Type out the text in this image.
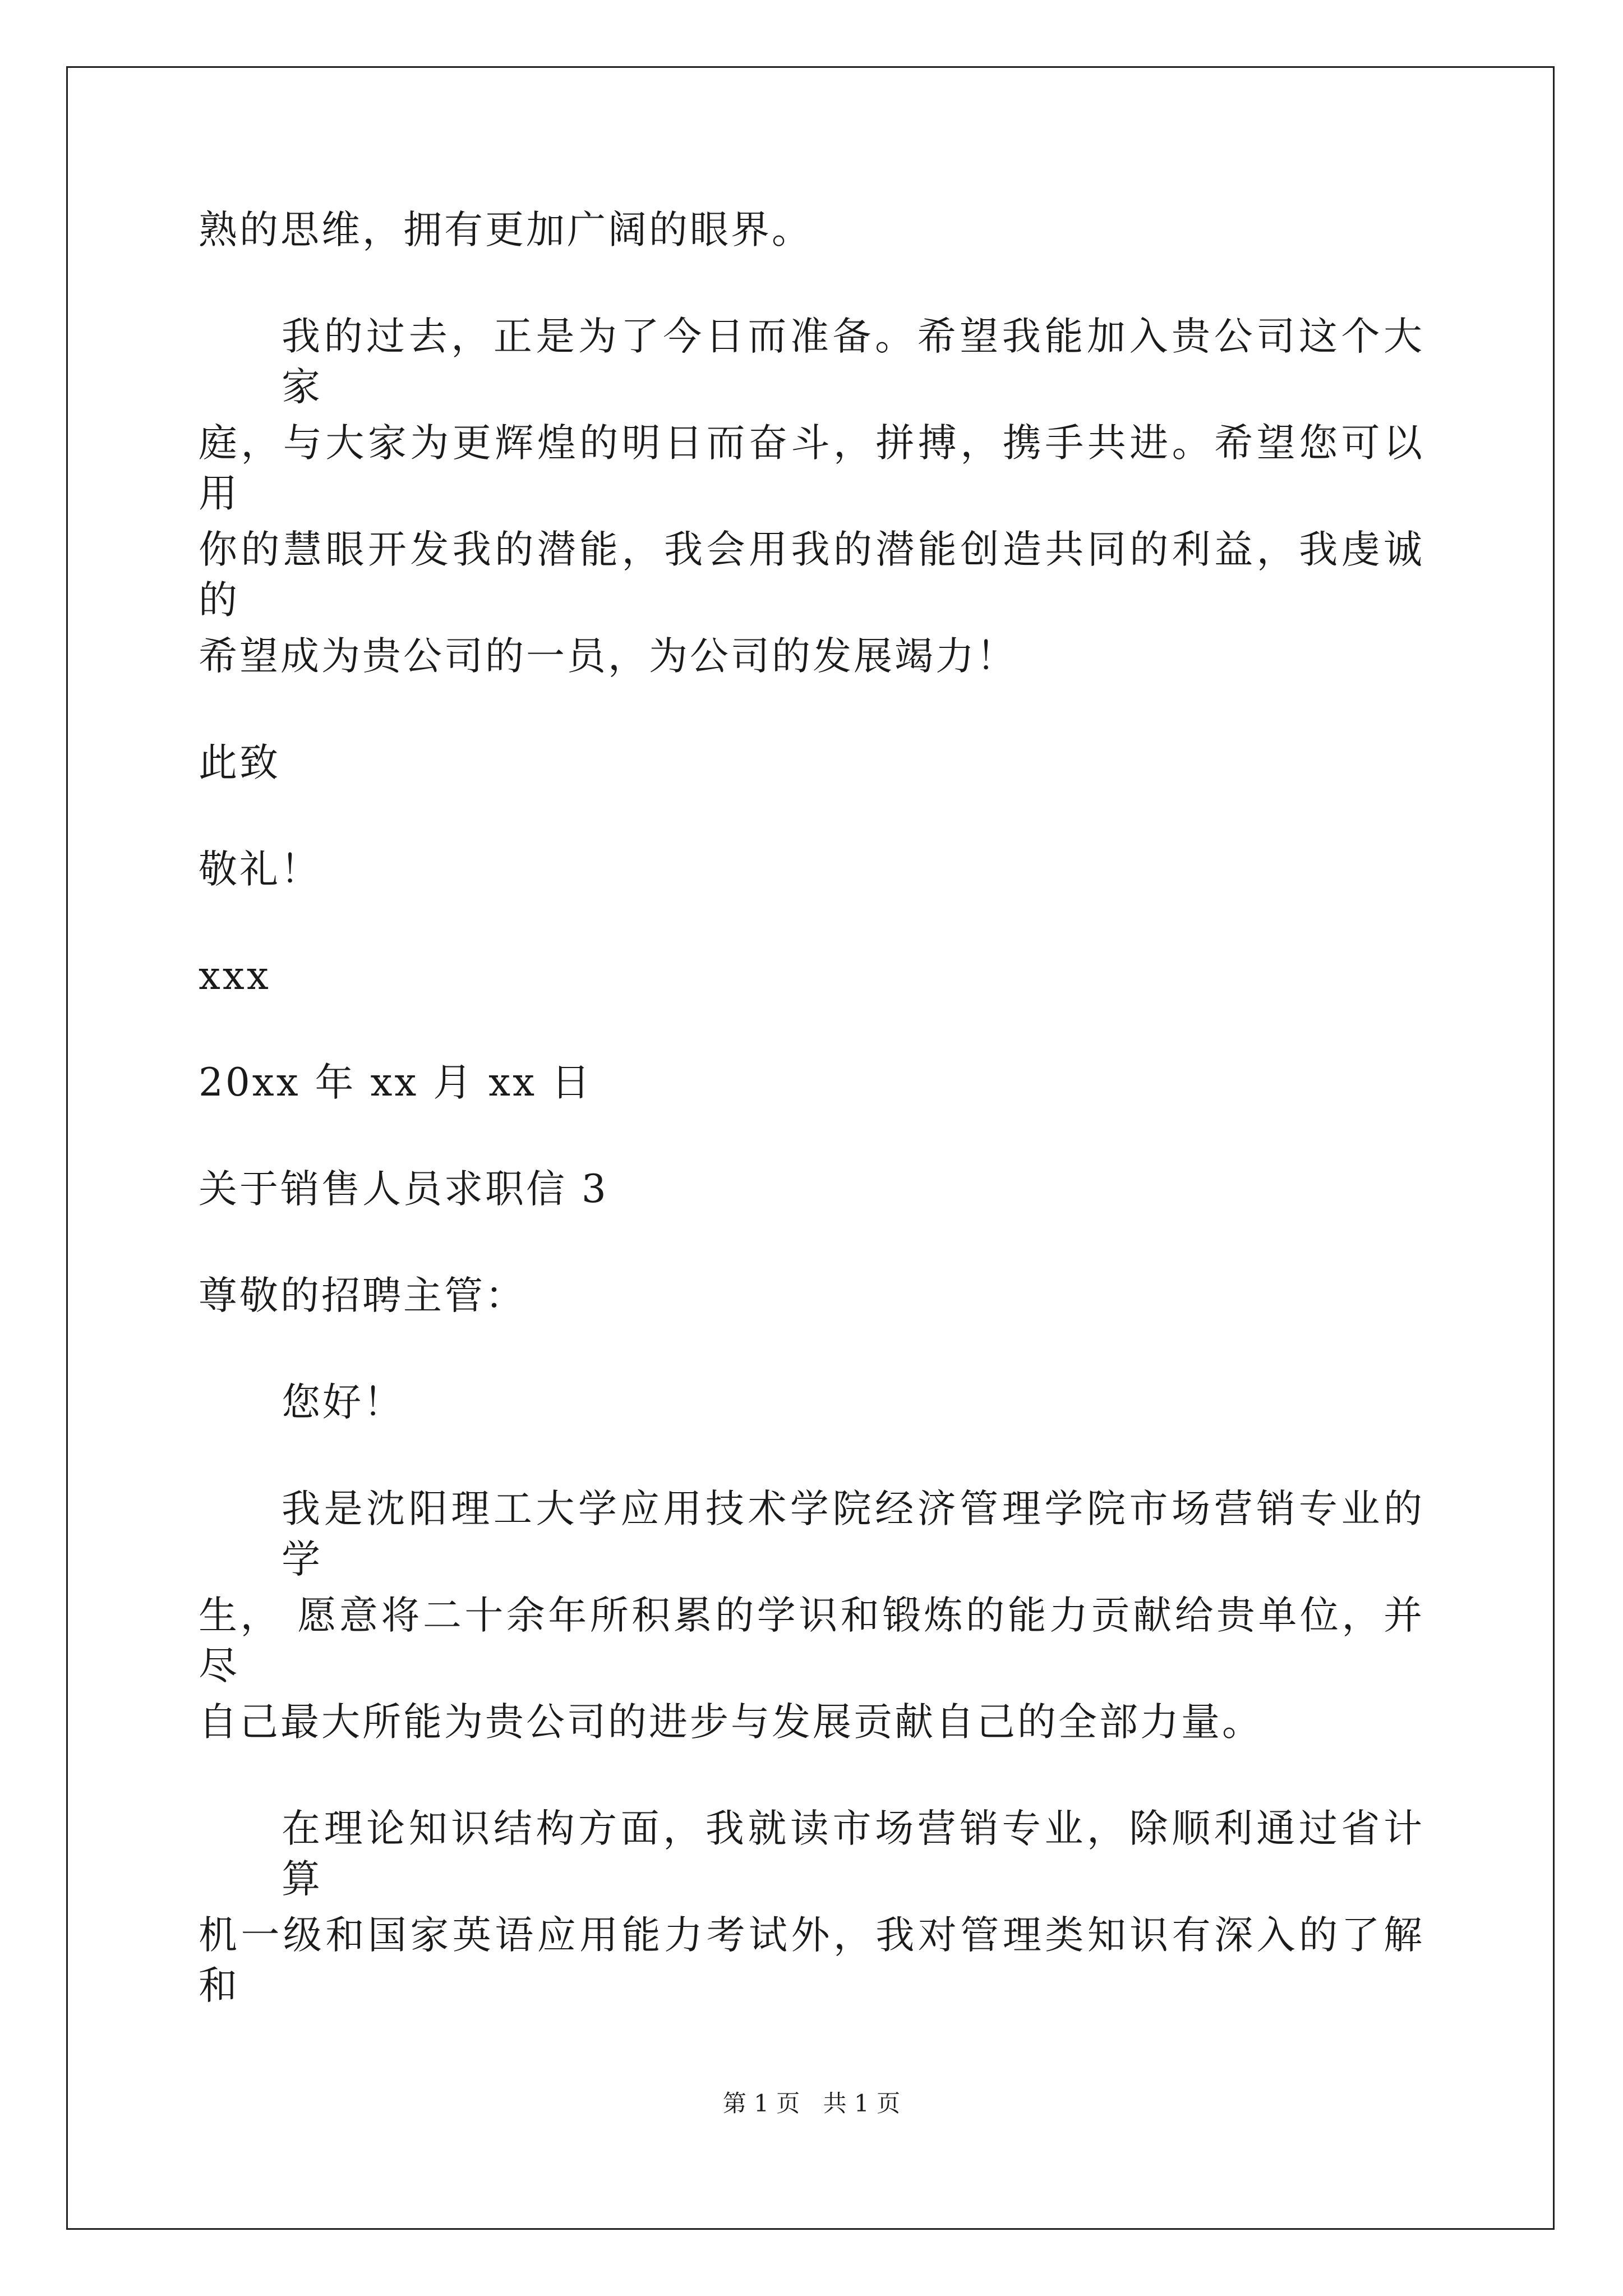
熟的思维，拥有更加广阔的眼界。
我的过去，正是为了今日而准备。希望我能加入贵公司这个大家
庭，与大家为更辉煌的明日而奋斗，拼搏，携手共进。希望您可以用
你的慧眼开发我的潜能，我会用我的潜能创造共同的利益，我虔诚的
希望成为贵公司的一员，为公司的发展竭力！
此致
敬礼！
xxx
20xx 年 xx 月 xx 日
关于销售人员求职信 3
尊敬的招聘主管：
您好！
我是沈阳理工大学应用技术学院经济管理学院市场营销专业的学
生， 愿意将二十余年所积累的学识和锻炼的能力贡献给贵单位，并尽
自己最大所能为贵公司的进步与发展贡献自己的全部力量。
在理论知识结构方面，我就读市场营销专业，除顺利通过省计算
机一级和国家英语应用能力考试外，我对管理类知识有深入的了解和
第 1 页 共 1 页
